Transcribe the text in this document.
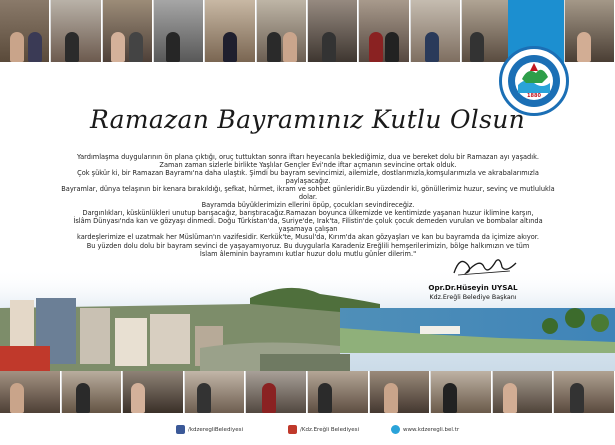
1880
Ramazan Bayramınız Kutlu Olsun

Yardımlaşma duygularının ön plana çıktığı, oruç tuttuktan sonra iftarı heyecanla beklediğimiz, dua ve bereket dolu bir Ramazan ayı yaşadık.

Zaman zaman sizlerle birlikte Yaşlılar Gençler Evi'nde iftar açmanın sevincine ortak olduk.

Çok şükür ki, bir Ramazan Bayramı'na daha ulaştık. Şimdi bu bayram sevincimizi, ailemizle, dostlarımızla,komşularımızla ve akrabalarımızla paylaşacağız.

Bayramlar, dünya telaşının bir kenara bırakıldığı, şefkat, hürmet, ikram ve sohbet günleridir.Bu yüzdendir ki, gönüllerimiz huzur, sevinç ve mutlulukla dolar.

Bayramda büyüklerimizin ellerini öpüp, çocukları sevindireceğiz.

Dargınlıkları, küskünlükleri unutup barışacağız, barıştıracağız.Ramazan boyunca ülkemizde ve kentimizde yaşanan huzur ikliminе karşın,

İslâm Dünyası'nda kan ve gözyaşı dinmedi. Doğu Türkistan'da, Suriye'de, Irak'ta, Filistin'de çoluk çocuk demeden vurulan ve bombalar altında yaşamaya çalışan

kardeşlerimize el uzatmak her Müslüman'ın vazifesidir. Kerkük'te, Musul'da, Kırım'da akan gözyaşları ve kan bu bayramda da içimize akıyor.

Bu yüzden dolu dolu bir bayram sevinci de yaşayamıyoruz. Bu duygularla Karadeniz Ereğlili hemşerilerimizin, bölge halkımızın ve tüm

İslam âleminin bayramını kutlar huzur dolu mutlu günler dilerim."

Opr.Dr.Hüseyin UYSAL
Kdz.Ereğli Belediye Başkanı
/kdzeregliBelediyesi	/Kdz.Ereğli Belediyesi	www.kdzeregli.bel.tr
